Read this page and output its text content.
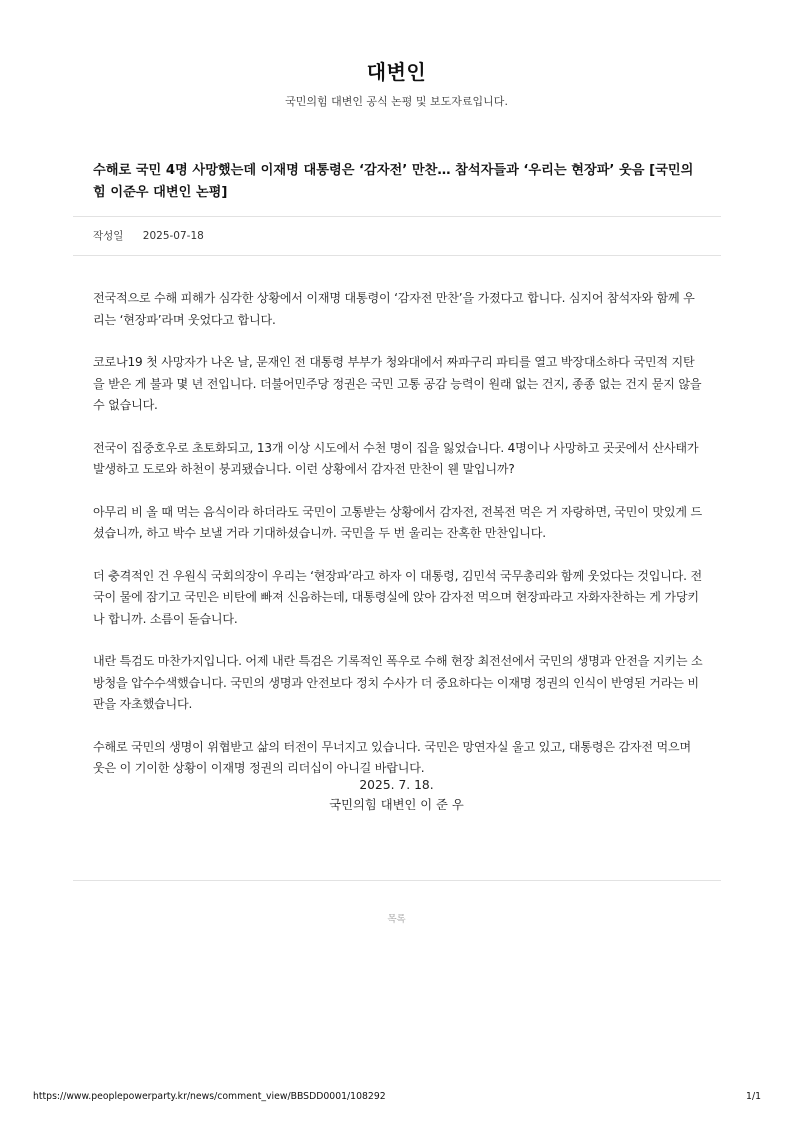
대변인
국민의힘 대변인 공식 논평 및 보도자료입니다.
수해로 국민 4명 사망했는데 이재명 대통령은 ‘감자전’ 만찬… 참석자들과 ‘우리는 현장파’ 웃음 [국민의힘 이준우 대변인 논평]
작성일 2025-07-18

전국적으로 수해 피해가 심각한 상황에서 이재명 대통령이 ‘감자전 만찬’을 가졌다고 합니다. 심지어 참석자와 함께 우리는 ‘현장파’라며 웃었다고 합니다.

코로나19 첫 사망자가 나온 날, 문재인 전 대통령 부부가 청와대에서 짜파구리 파티를 열고 박장대소하다 국민적 지탄을 받은 게 불과 몇 년 전입니다. 더불어민주당 정권은 국민 고통 공감 능력이 원래 없는 건지, 종종 없는 건지 묻지 않을 수 없습니다.

전국이 집중호우로 초토화되고, 13개 이상 시도에서 수천 명이 집을 잃었습니다. 4명이나 사망하고 곳곳에서 산사태가 발생하고 도로와 하천이 붕괴됐습니다. 이런 상황에서 감자전 만찬이 웬 말입니까?

아무리 비 올 때 먹는 음식이라 하더라도 국민이 고통받는 상황에서 감자전, 전복전 먹은 거 자랑하면, 국민이 맛있게 드셨습니까, 하고 박수 보낼 거라 기대하셨습니까. 국민을 두 번 울리는 잔혹한 만찬입니다.

더 충격적인 건 우원식 국회의장이 우리는 ‘현장파’라고 하자 이 대통령, 김민석 국무총리와 함께 웃었다는 것입니다. 전국이 물에 잠기고 국민은 비탄에 빠져 신음하는데, 대통령실에 앉아 감자전 먹으며 현장파라고 자화자찬하는 게 가당키나 합니까. 소름이 돋습니다.

내란 특검도 마찬가지입니다. 어제 내란 특검은 기록적인 폭우로 수해 현장 최전선에서 국민의 생명과 안전을 지키는 소방청을 압수수색했습니다. 국민의 생명과 안전보다 정치 수사가 더 중요하다는 이재명 정권의 인식이 반영된 거라는 비판을 자초했습니다.

수해로 국민의 생명이 위협받고 삶의 터전이 무너지고 있습니다. 국민은 망연자실 울고 있고, 대통령은 감자전 먹으며 웃은 이 기이한 상황이 이재명 정권의 리더십이 아니길 바랍니다.

2025. 7. 18.
국민의힘 대변인 이 준 우
목록
https://www.peoplepowerparty.kr/news/comment_view/BBSDD0001/108292	1/1
